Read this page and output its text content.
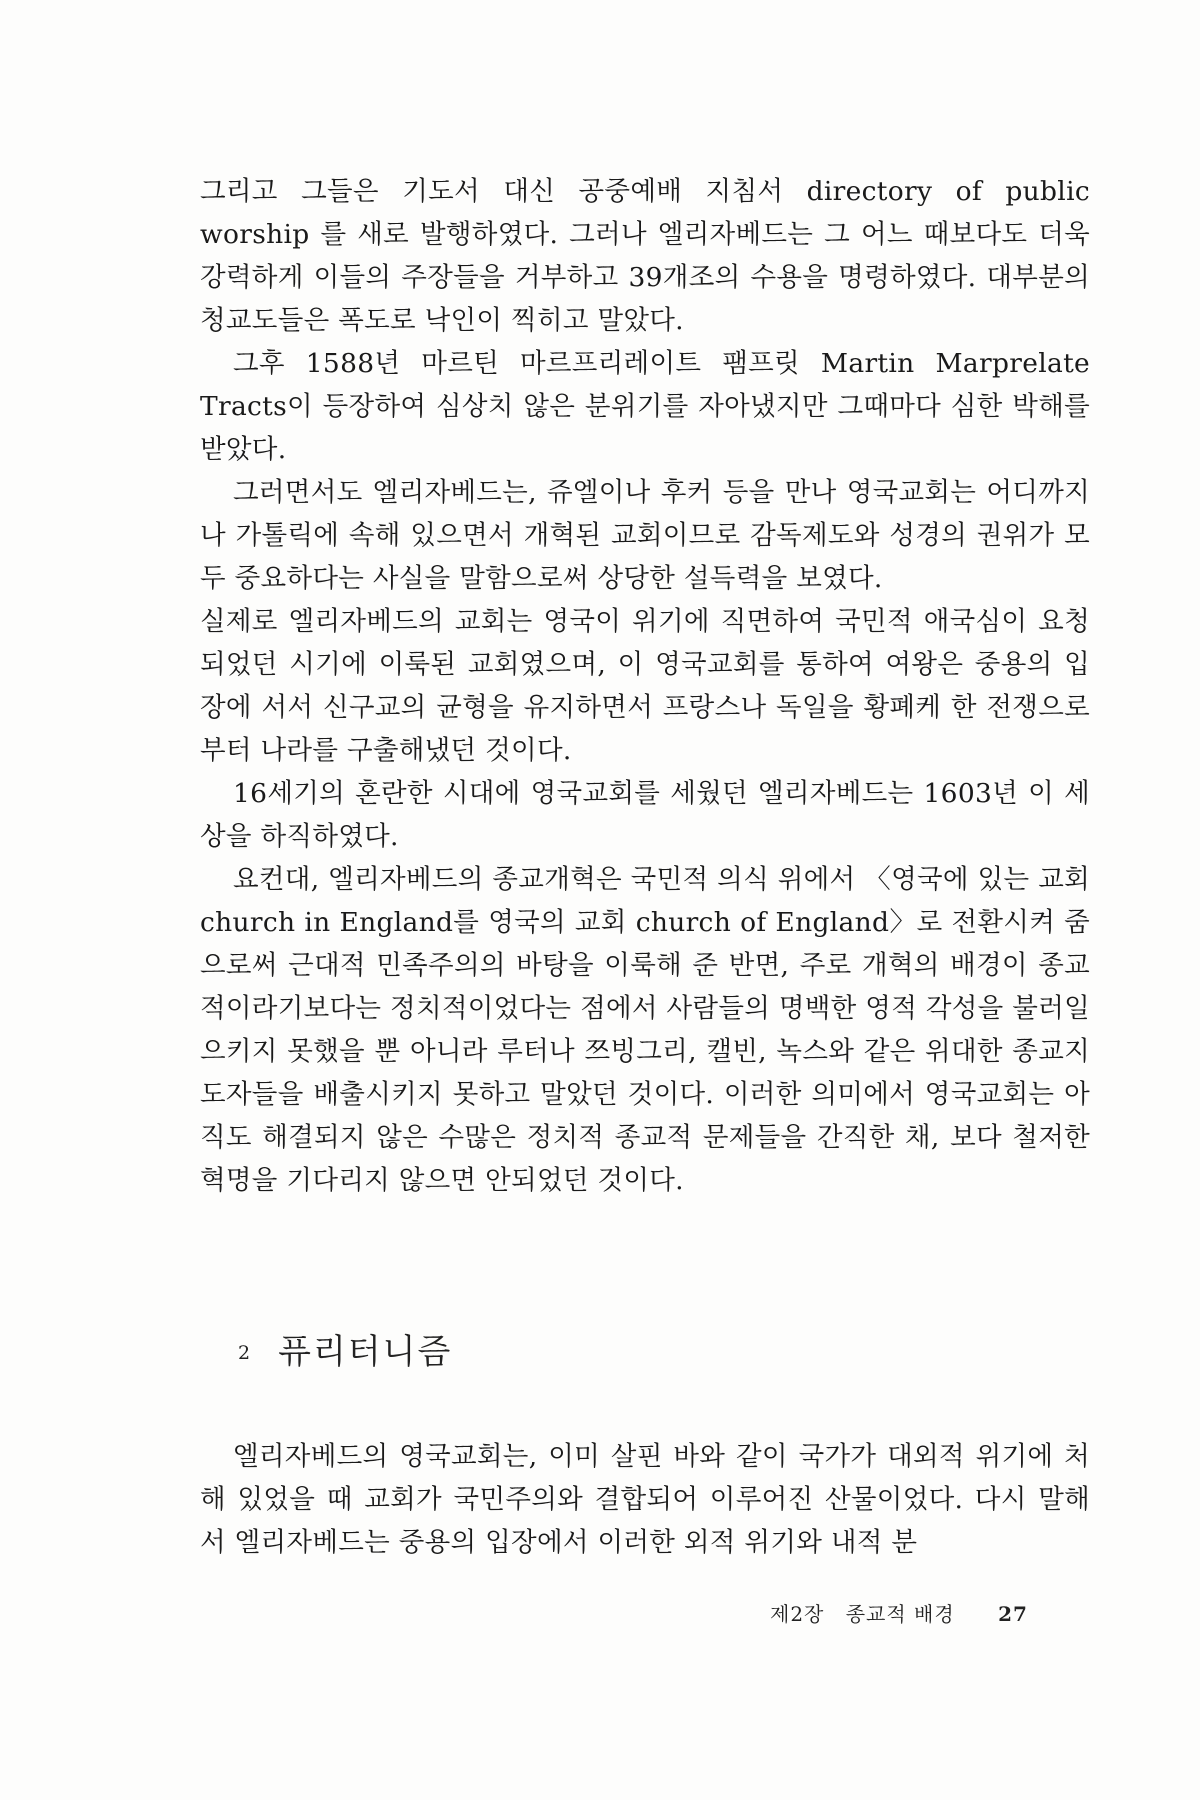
그리고 그들은 기도서 대신 공중예배 지침서 directory of public worship 를 새로 발행하였다. 그러나 엘리자베드는 그 어느 때보다도 더욱 강력하게 이들의 주장들을 거부하고 39개조의 수용을 명령하였다. 대부분의 청교도들은 폭도로 낙인이 찍히고 말았다.

그후 1588년 마르틴 마르프리레이트 팸프릿 Martin Marprelate Tracts이 등장하여 심상치 않은 분위기를 자아냈지만 그때마다 심한 박해를 받았다.

그러면서도 엘리자베드는, 쥬엘이나 후커 등을 만나 영국교회는 어디까지나 가톨릭에 속해 있으면서 개혁된 교회이므로 감독제도와 성경의 권위가 모두 중요하다는 사실을 말함으로써 상당한 설득력을 보였다.

실제로 엘리자베드의 교회는 영국이 위기에 직면하여 국민적 애국심이 요청되었던 시기에 이룩된 교회였으며, 이 영국교회를 통하여 여왕은 중용의 입장에 서서 신구교의 균형을 유지하면서 프랑스나 독일을 황폐케 한 전쟁으로부터 나라를 구출해냈던 것이다.

16세기의 혼란한 시대에 영국교회를 세웠던 엘리자베드는 1603년 이 세상을 하직하였다.

요컨대, 엘리자베드의 종교개혁은 국민적 의식 위에서 〈영국에 있는 교회 church in England를 영국의 교회 church of England〉로 전환시켜 줌으로써 근대적 민족주의의 바탕을 이룩해 준 반면, 주로 개혁의 배경이 종교적이라기보다는 정치적이었다는 점에서 사람들의 명백한 영적 각성을 불러일으키지 못했을 뿐 아니라 루터나 쯔빙그리, 캘빈, 녹스와 같은 위대한 종교지도자들을 배출시키지 못하고 말았던 것이다. 이러한 의미에서 영국교회는 아직도 해결되지 않은 수많은 정치적 종교적 문제들을 간직한 채, 보다 철저한 혁명을 기다리지 않으면 안되었던 것이다.

2 퓨리터니즘

엘리자베드의 영국교회는, 이미 살핀 바와 같이 국가가 대외적 위기에 처해 있었을 때 교회가 국민주의와 결합되어 이루어진 산물이었다. 다시 말해서 엘리자베드는 중용의 입장에서 이러한 외적 위기와 내적 분

제2장 종교적 배경 27
